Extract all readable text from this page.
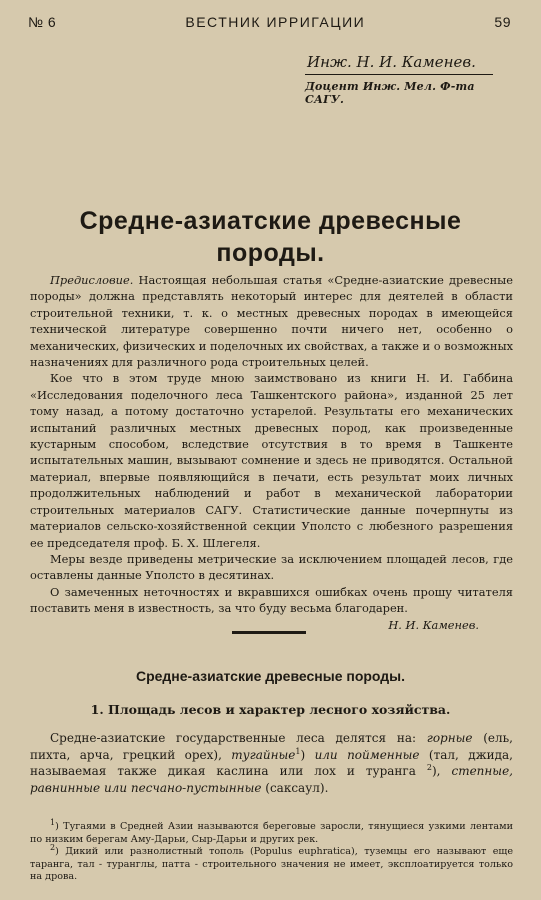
№ 6	ВЕСТНИК ИРРИГАЦИИ	59
Инж. Н. И. Каменев.
Доцент Инж. Мел. Ф-та САГУ.
Средне-азиатские древесные
породы.

Предисловие. Настоящая небольшая статья «Средне-азиатские древесные породы» должна представлять некоторый интерес для деятелей в области строительной техники, т. к. о местных древесных породах в имеющейся технической литературе совершенно почти ничего нет, особенно о механических, физических и поделочных их свойствах, а также и о возможных назначениях для различного рода строительных целей.

Кое что в этом труде мною заимствовано из книги Н. И. Габбина «Исследования поделочного леса Ташкентского района», изданной 25 лет тому назад, а потому достаточно устарелой. Результаты его механических испытаний различных местных древесных пород, как произведенные кустарным способом, вследствие отсутствия в то время в Ташкенте испытательных машин, вызывают сомнение и здесь не приводятся. Остальной материал, впервые появляющийся в печати, есть результат моих личных продолжительных наблюдений и работ в механической лаборатории строительных материалов САГУ. Статистические данные почерпнуты из материалов сельско-хозяйственной секции Уполсто с любезного разрешения ее председателя проф. Б. Х. Шлегеля.

Меры везде приведены метрические за исключением площадей лесов, где оставлены данные Уполсто в десятинах.

О замеченных неточностях и вкравшихся ошибках очень прошу читателя поставить меня в известность, за что буду весьма благодарен.

Н. И. Каменев.

Средне-азиатские древесные породы.
1. Площадь лесов и характер лесного хозяйства.

Средне-азиатские государственные леса делятся на: горные (ель, пихта, арча, грецкий орех), тугайные$^1$) или пойменные (тал, джида, называемая также дикая каслина или лох и туранга $^2$), степные, равнинные или песчано-пустынные (саксаул).

$^1$) Тугаями в Средней Азии называются береговые заросли, тянущиеся узкими лентами по низким берегам Аму-Дарьи, Сыр-Дарьи и других рек.

$^2$) Дикий или разнолистный тополь (Populus euphratica), туземцы его называют еще таранга, тал - туранглы, патта - строительного значения не имеет, эксплоатируется только на дрова.
